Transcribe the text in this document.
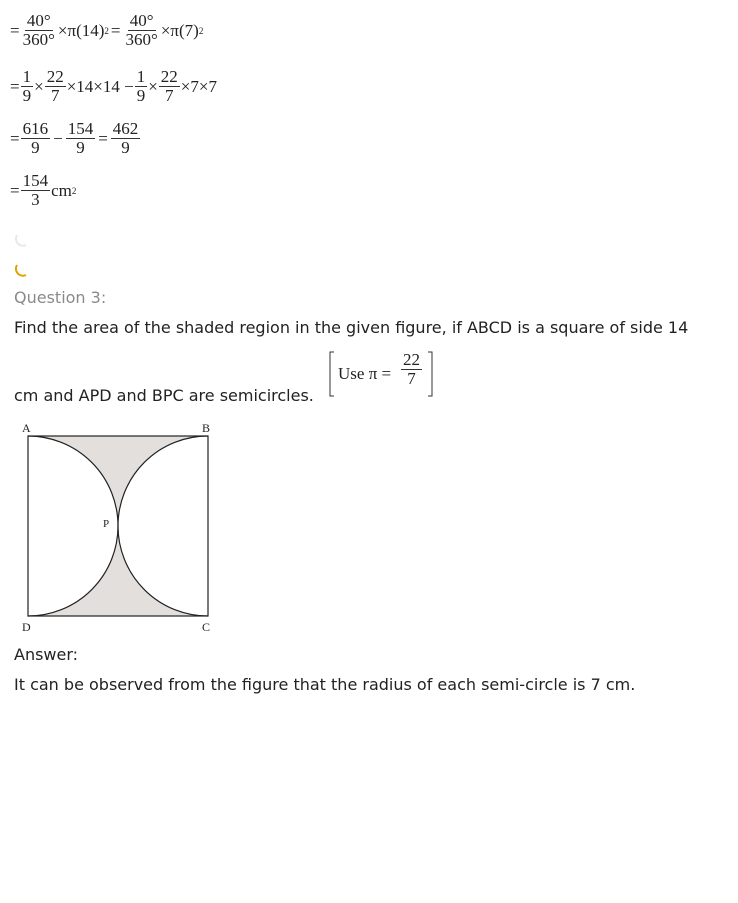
= $\frac{40^\circ}{360^\circ} \times\pi(14) 2 = \frac{40^\circ}{360^\circ} \times\pi(7)$ 2
= $\frac{1}{9} \times \frac{22}{7} \times 14\times 14 - \frac{1}{9} \times \frac{22}{7} \times 7\times 7$
= $\frac{616}{9} - \frac{154}{9} = \frac{462}{9}$
= $\frac{154}{3}$ cm 2
Question 3:
Find the area of the shaded region in the given figure, if ABCD is a square of side 14
cm and APD and BPC are semicircles.
Use $\pi = \frac{22}{7}$
A	B
C
D
P
Answer:
It can be observed from the figure that the radius of each semi-circle is 7 cm.
